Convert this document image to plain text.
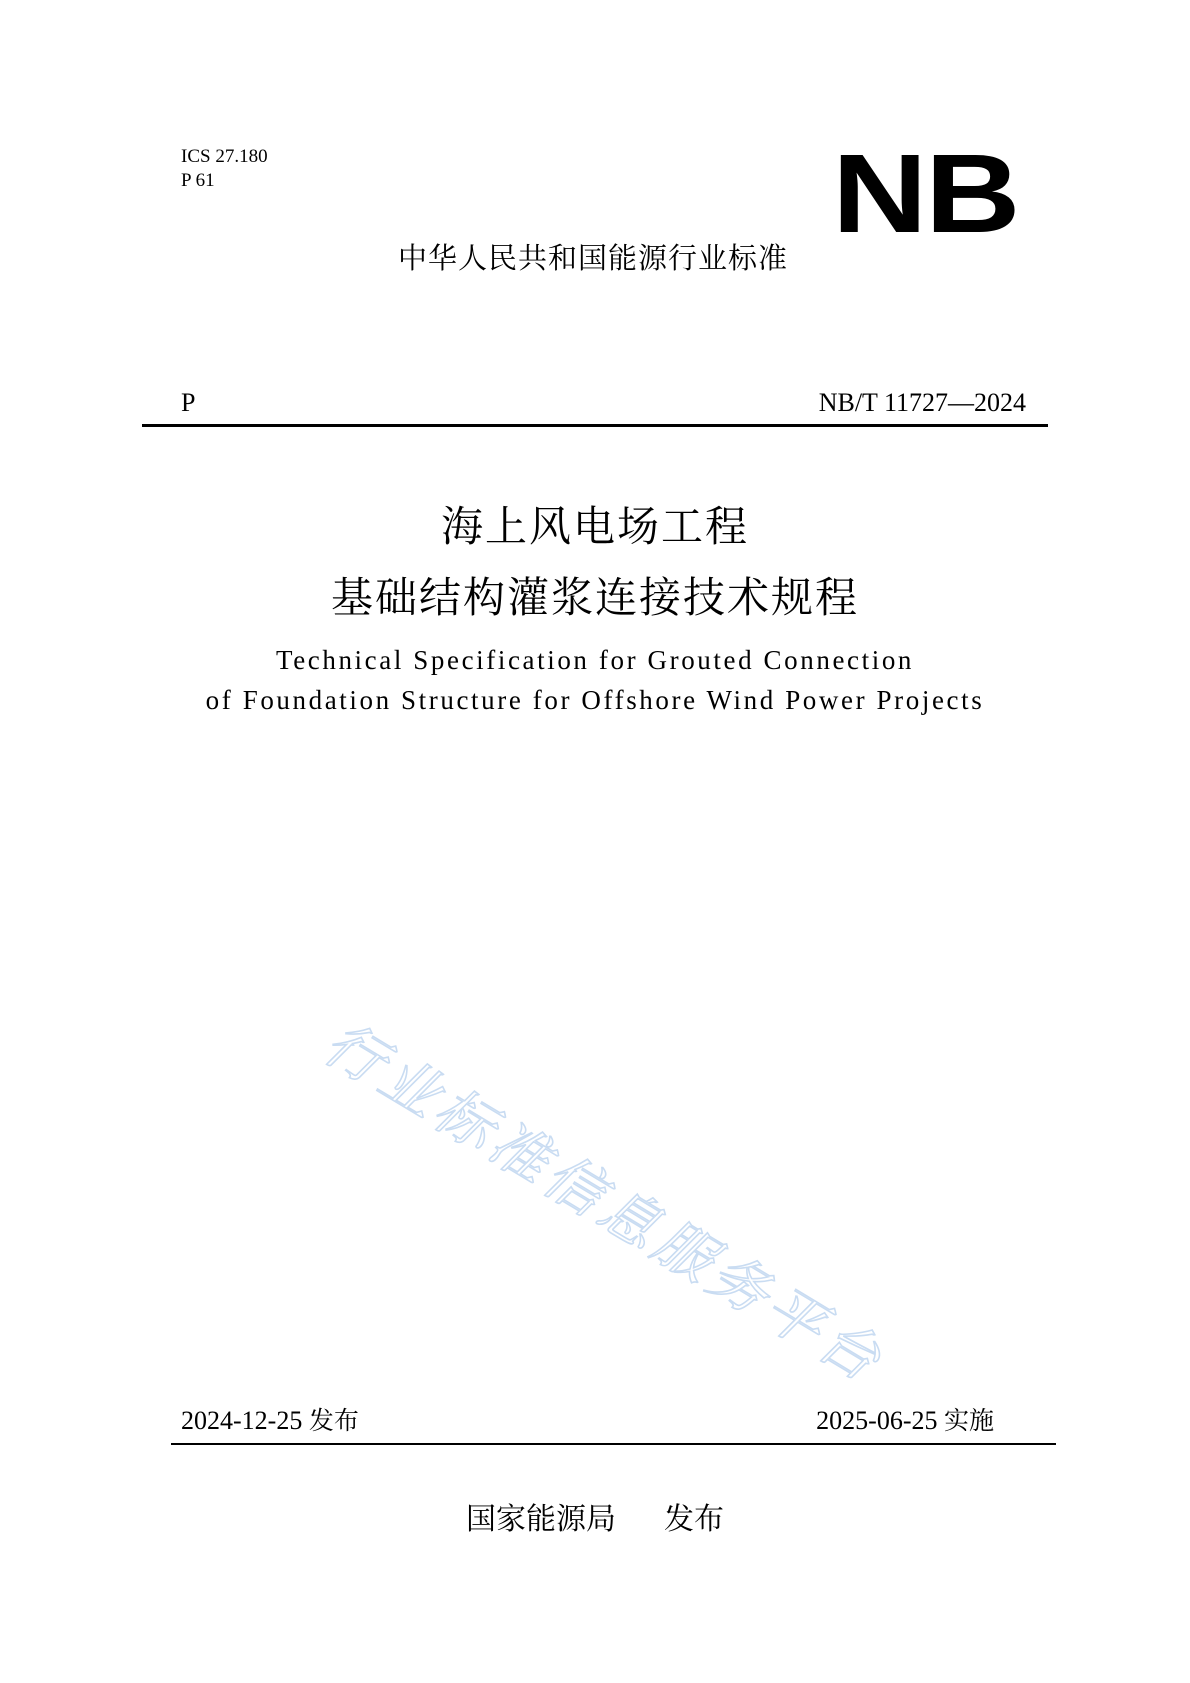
ICS 27.180
P 61	NB
中华人民共和国能源行业标准
P	NB/T 11727—2024
海上风电场工程
基础结构灌浆连接技术规程
Technical Specification for Grouted Connection
of Foundation Structure for Offshore Wind Power Projects
行业标准信息服务平台
2024-12-25 发布	2025-06-25 实施
国家能源局 发布
